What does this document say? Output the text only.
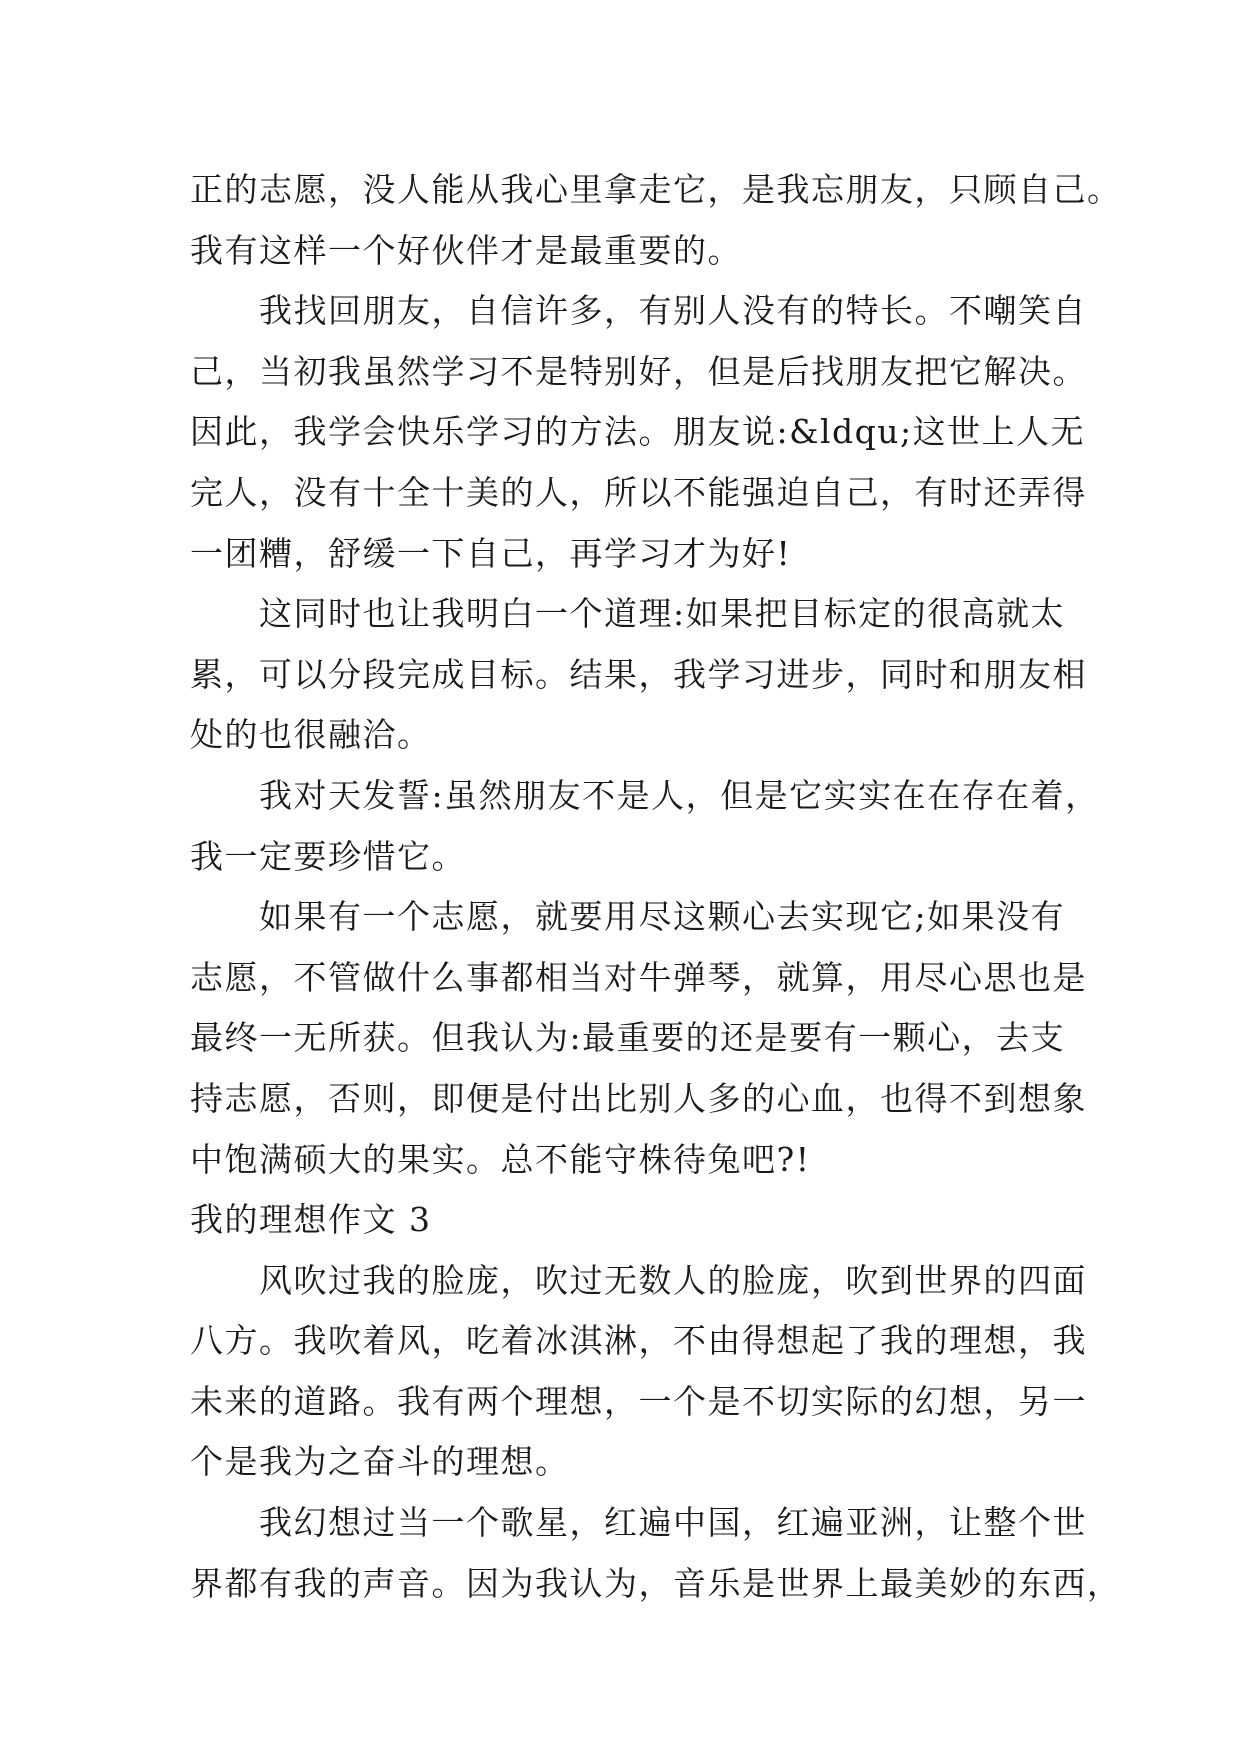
正的志愿，没人能从我心里拿走它，是我忘朋友，只顾自己。
我有这样一个好伙伴才是最重要的。
　　我找回朋友，自信许多，有别人没有的特长。不嘲笑自
己，当初我虽然学习不是特别好，但是后找朋友把它解决。
因此，我学会快乐学习的方法。朋友说:&ldqu;这世上人无
完人，没有十全十美的人，所以不能强迫自己，有时还弄得
一团糟，舒缓一下自己，再学习才为好!
　　这同时也让我明白一个道理:如果把目标定的很高就太
累，可以分段完成目标。结果，我学习进步，同时和朋友相
处的也很融洽。
　　我对天发誓:虽然朋友不是人，但是它实实在在存在着，
我一定要珍惜它。
　　如果有一个志愿，就要用尽这颗心去实现它;如果没有
志愿，不管做什么事都相当对牛弹琴，就算，用尽心思也是
最终一无所获。但我认为:最重要的还是要有一颗心，去支
持志愿，否则，即便是付出比别人多的心血，也得不到想象
中饱满硕大的果实。总不能守株待兔吧?!
我的理想作文 3
　　风吹过我的脸庞，吹过无数人的脸庞，吹到世界的四面
八方。我吹着风，吃着冰淇淋，不由得想起了我的理想，我
未来的道路。我有两个理想，一个是不切实际的幻想，另一
个是我为之奋斗的理想。
　　我幻想过当一个歌星，红遍中国，红遍亚洲，让整个世
界都有我的声音。因为我认为，音乐是世界上最美妙的东西，
